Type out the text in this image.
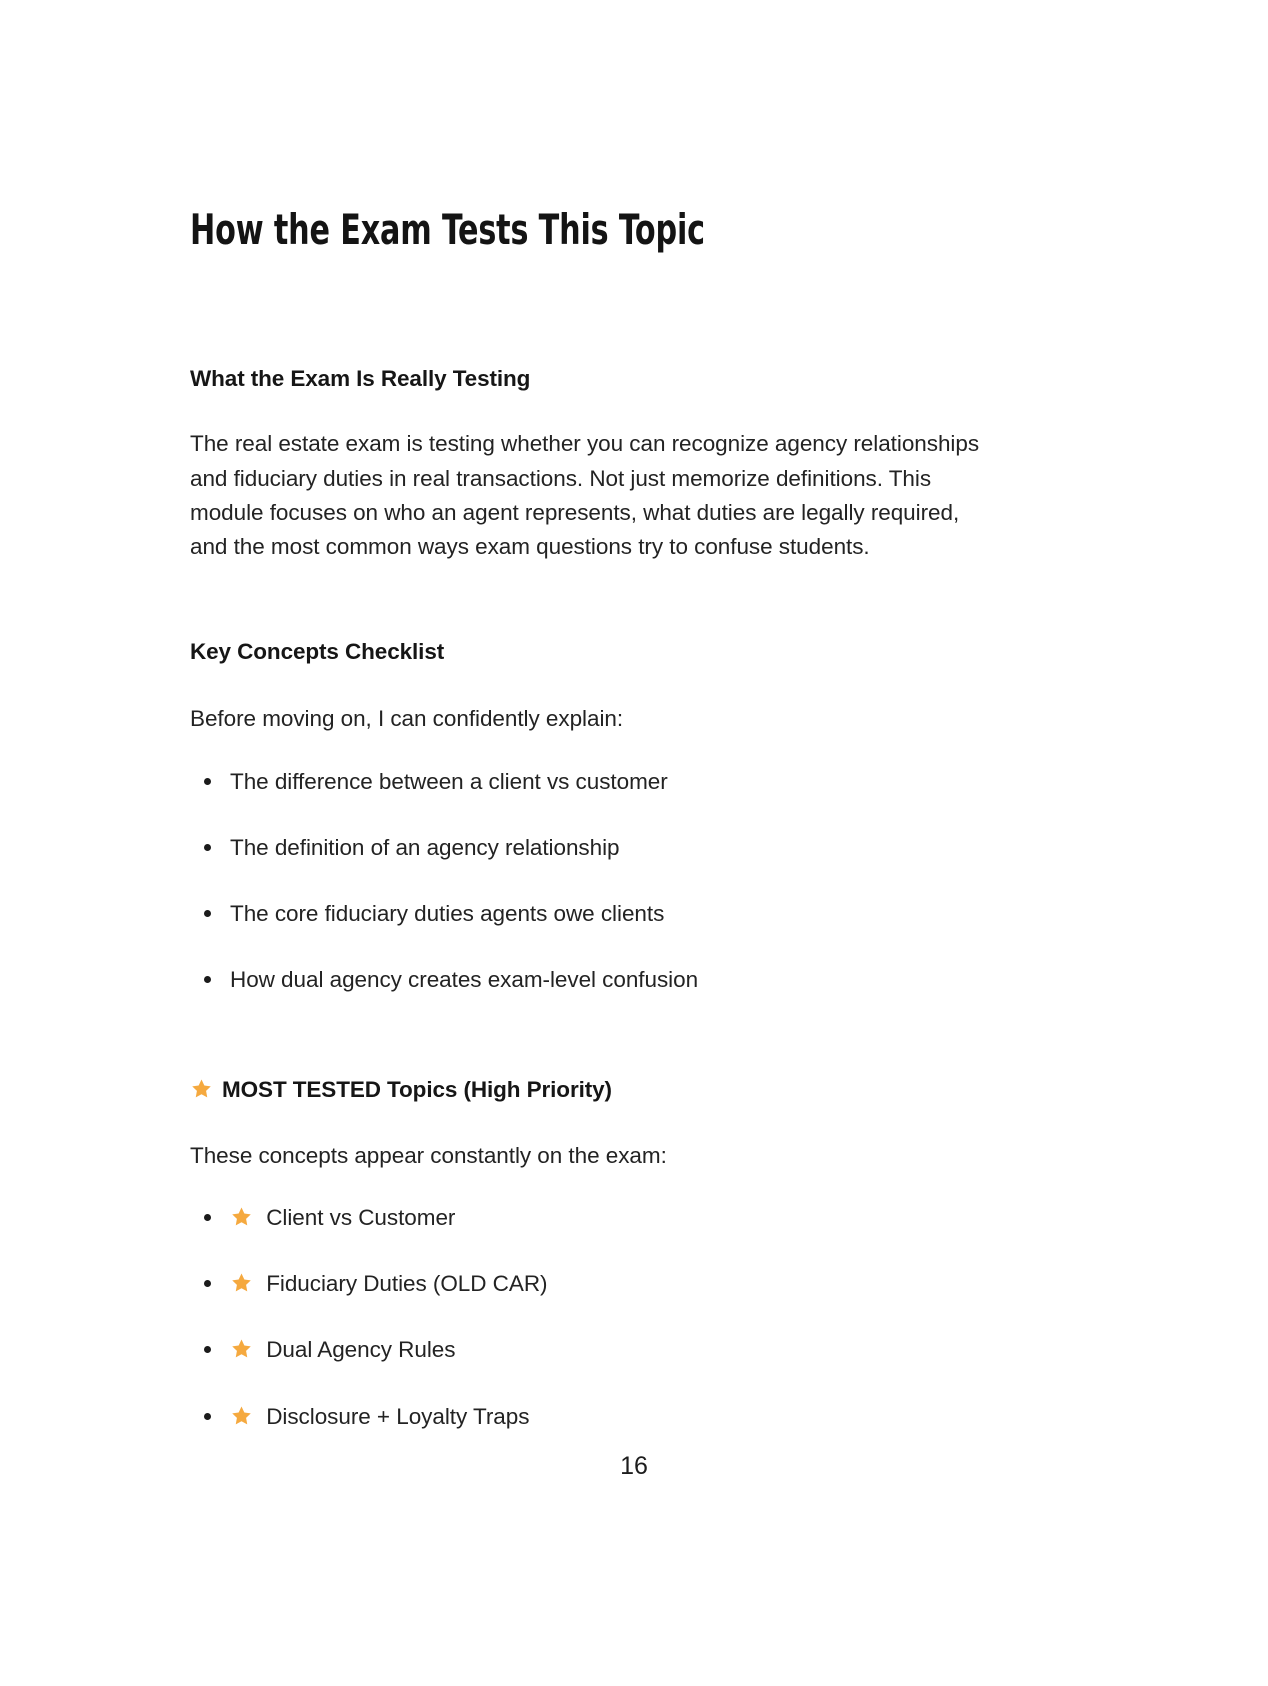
How the Exam Tests This Topic
What the Exam Is Really Testing

The real estate exam is testing whether you can recognize agency relationships and fiduciary duties in real transactions. Not just memorize definitions. This module focuses on who an agent represents, what duties are legally required, and the most common ways exam questions try to confuse students.

Key Concepts Checklist

Before moving on, I can confidently explain:

The difference between a client vs customer
The definition of an agency relationship
The core fiduciary duties agents owe clients
How dual agency creates exam-level confusion
MOST TESTED Topics (High Priority)

These concepts appear constantly on the exam:

Client vs Customer
Fiduciary Duties (OLD CAR)
Dual Agency Rules
Disclosure + Loyalty Traps
16
